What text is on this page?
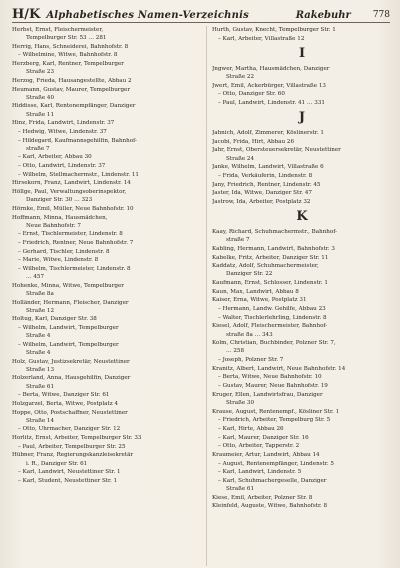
H/K Alphabetisches Namen-Verzeichnis	Rakebuhr 778
Herbst, Ernst, Fleischermeister,
Tempelburger Str. 53 … 281
Herrig, Hans, Schneiderei, Bahnhofstr. 8
– Wilhelmine, Witwe, Bahnhofstr. 8
Herzberg, Karl, Rentner, Tempelburger
Straße 23
Herzog, Frieda, Hausangestellte, Abbau 2
Heumann, Gustav, Maurer, Tempelburger
Straße 40
Hiddisse, Karl, Rentenempfänger, Danziger
Straße 11
Hinz, Frida, Landwirt, Lindenstr. 37
– Hedwig, Witwe, Lindenstr. 37
– Hildegard, Kaufmannsgehilfin, Bahnhof-
straße 7
– Karl, Arbeiter, Abbau 30
– Otto, Landwirt, Lindenstr. 37
– Wilhelm, Stellmachermstr., Lindenstr. 11
Hirsekorn, Franz, Landwirt, Lindenstr. 14
Höllge, Paul, Verwaltungsoberinspektor,
Danziger Str. 30 … 323
Hörnke, Emil, Müller, Neue Bahnhofstr. 10
Hoffmann, Minna, Hausmädchen,
Neue Bahnhofstr. 7
– Ernst, Tischlermeister, Lindenstr. 8
– Friedrich, Rentner, Neue Bahnhofstr. 7
– Gerhard, Tischler, Lindenstr. 8
– Marie, Witwe, Lindenstr. 8
– Wilhelm, Tischlermeister, Lindenstr. 8
… 457
Hohenke, Minna, Witwe, Tempelburger
Straße 8a
Holländer, Hermann, Fleischer, Danziger
Straße 12
Holtug, Karl, Danziger Str. 38
– Wilhelm, Landwirt, Tempelburger
Straße 4
– Wilhelm, Landwirt, Tempelburger
Straße 4
Holz, Gustav, Justizsekretär, Neustettiner
Straße 13
Holzerland, Anna, Hausgehilfin, Danziger
Straße 61
– Berta, Witwe, Danziger Str. 61
Holzgarzel, Berta, Witwe, Postplatz 4
Hoppe, Otto, Postschaffner, Neustettiner
Straße 14
– Otto, Uhrmacher, Danziger Str. 12
Horlitz, Ernst, Arbeiter, Tempelburger Str. 33
– Paul, Arbeiter, Tempelburger Str. 25
Hübner, Franz, Regierungskanzleisekretär
i. R., Danziger Str. 61
– Karl, Landwirt, Neustettiner Str. 1
– Karl, Student, Neustettiner Str. 1
Hurth, Gustav, Knecht, Tempelburger Str. 1
– Karl, Arbeiter, Villastraße 12
I
Jngwer, Martha, Hausmädchen, Danziger
Straße 22
Jwert, Emil, Ackerbürger, Villastraße 13
– Otto, Danziger Str. 60
– Paul, Landwirt, Lindenstr. 41 … 331
J
Jahnich, Adolf, Zimmerer, Köslinerstr. 1
Jacobi, Frida, Hirt, Abbau 26
Jahr, Ernst, Obersteuersekretär, Neustettiner
Straße 24
Janke, Wilhelm, Landwirt, Villastraße 6
– Frida, Verkäuferin, Lindenstr. 8
Jany, Friedrich, Rentner, Lindenstr. 45
Jaster, Ida, Witwe, Danziger Str. 47
Jastrow, Ida, Arbeiter, Postplatz 32
K
Kaay, Richard, Schuhmachermstr., Bahnhof-
straße 7
Kabling, Hermann, Landwirt, Bahnhofstr. 3
Kabelke, Fritz, Arbeiter, Danziger Str. 11
Kaddatz, Adolf, Schuhmachermeister,
Danziger Str. 22
Kaufmann, Ernst, Schlosser, Lindenstr. 1
Kaun, Max, Landwirt, Abbau 8
Kaiser, Erna, Witwe, Postplatz 31
– Hermann, Landw. Gehilfe, Abbau 23
– Walter, Tischlerlehrling, Lindenstr. 8
Kiesel, Adolf, Fleischermeister, Bahnhof-
straße 8a … 343
Kolm, Christian, Buchbinder, Polzner Str. 7,
… 258
– Joseph, Polzner Str. 7
Kranitz, Albert, Landwirt, Neue Bahnhofstr. 14
– Berta, Witwe, Neue Bahnhofstr. 10
– Gustav, Maurer, Neue Bahnhofstr. 19
Kruger, Ellen, Landwirtsfrau, Danziger
Straße 30
Krause, August, Rentenempf., Kösliner Str. 1
– Friedrich, Arbeiter, Tempelburg Str. 5
– Karl, Hirte, Abbau 26
– Karl, Maurer, Danziger Str. 16
– Otto, Arbeiter, Tapperstr. 2
Kraumeier, Artur, Landwirt, Abbau 14
– August, Rentenempfänger, Lindenstr. 5
– Karl, Landwirt, Lindenstr. 5
– Karl, Schuhmachergeselle, Danziger
Straße 61
Kiese, Emil, Arbeiter, Polzner Str. 8
Kleinfeld, Auguste, Witwe, Bahnhofstr. 8
